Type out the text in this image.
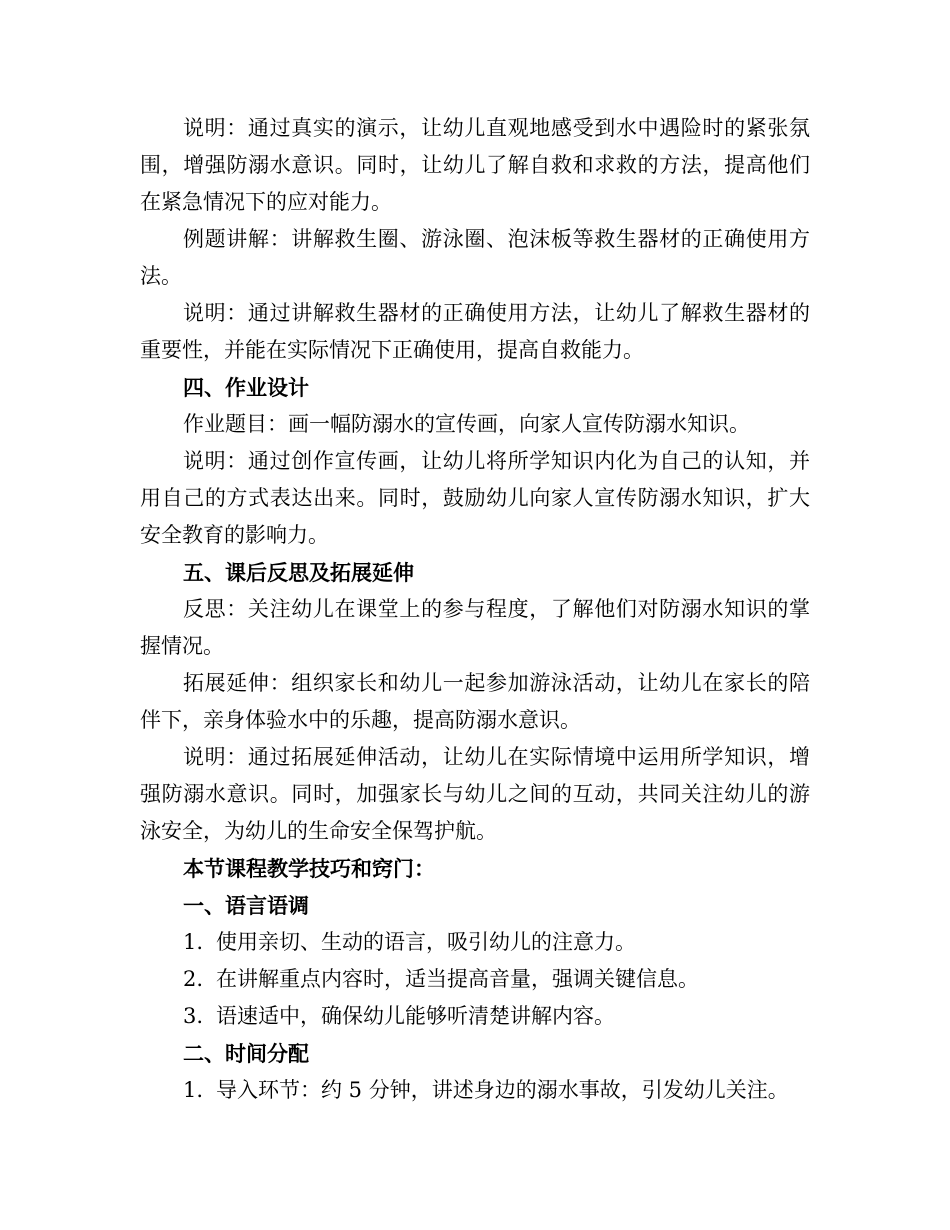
说明：通过真实的演示，让幼儿直观地感受到水中遇险时的紧张氛围，增强防溺水意识。同时，让幼儿了解自救和求救的方法，提高他们在紧急情况下的应对能力。

例题讲解：讲解救生圈、游泳圈、泡沫板等救生器材的正确使用方法。

说明：通过讲解救生器材的正确使用方法，让幼儿了解救生器材的重要性，并能在实际情况下正确使用，提高自救能力。

四、作业设计

作业题目：画一幅防溺水的宣传画，向家人宣传防溺水知识。

说明：通过创作宣传画，让幼儿将所学知识内化为自己的认知，并用自己的方式表达出来。同时，鼓励幼儿向家人宣传防溺水知识，扩大安全教育的影响力。

五、课后反思及拓展延伸

反思：关注幼儿在课堂上的参与程度，了解他们对防溺水知识的掌握情况。

拓展延伸：组织家长和幼儿一起参加游泳活动，让幼儿在家长的陪伴下，亲身体验水中的乐趣，提高防溺水意识。

说明：通过拓展延伸活动，让幼儿在实际情境中运用所学知识，增强防溺水意识。同时，加强家长与幼儿之间的互动，共同关注幼儿的游泳安全，为幼儿的生命安全保驾护航。

本节课程教学技巧和窍门：

一、语言语调

1. 使用亲切、生动的语言，吸引幼儿的注意力。

2. 在讲解重点内容时，适当提高音量，强调关键信息。

3. 语速适中，确保幼儿能够听清楚讲解内容。

二、时间分配

1. 导入环节：约 5 分钟，讲述身边的溺水事故，引发幼儿关注。
